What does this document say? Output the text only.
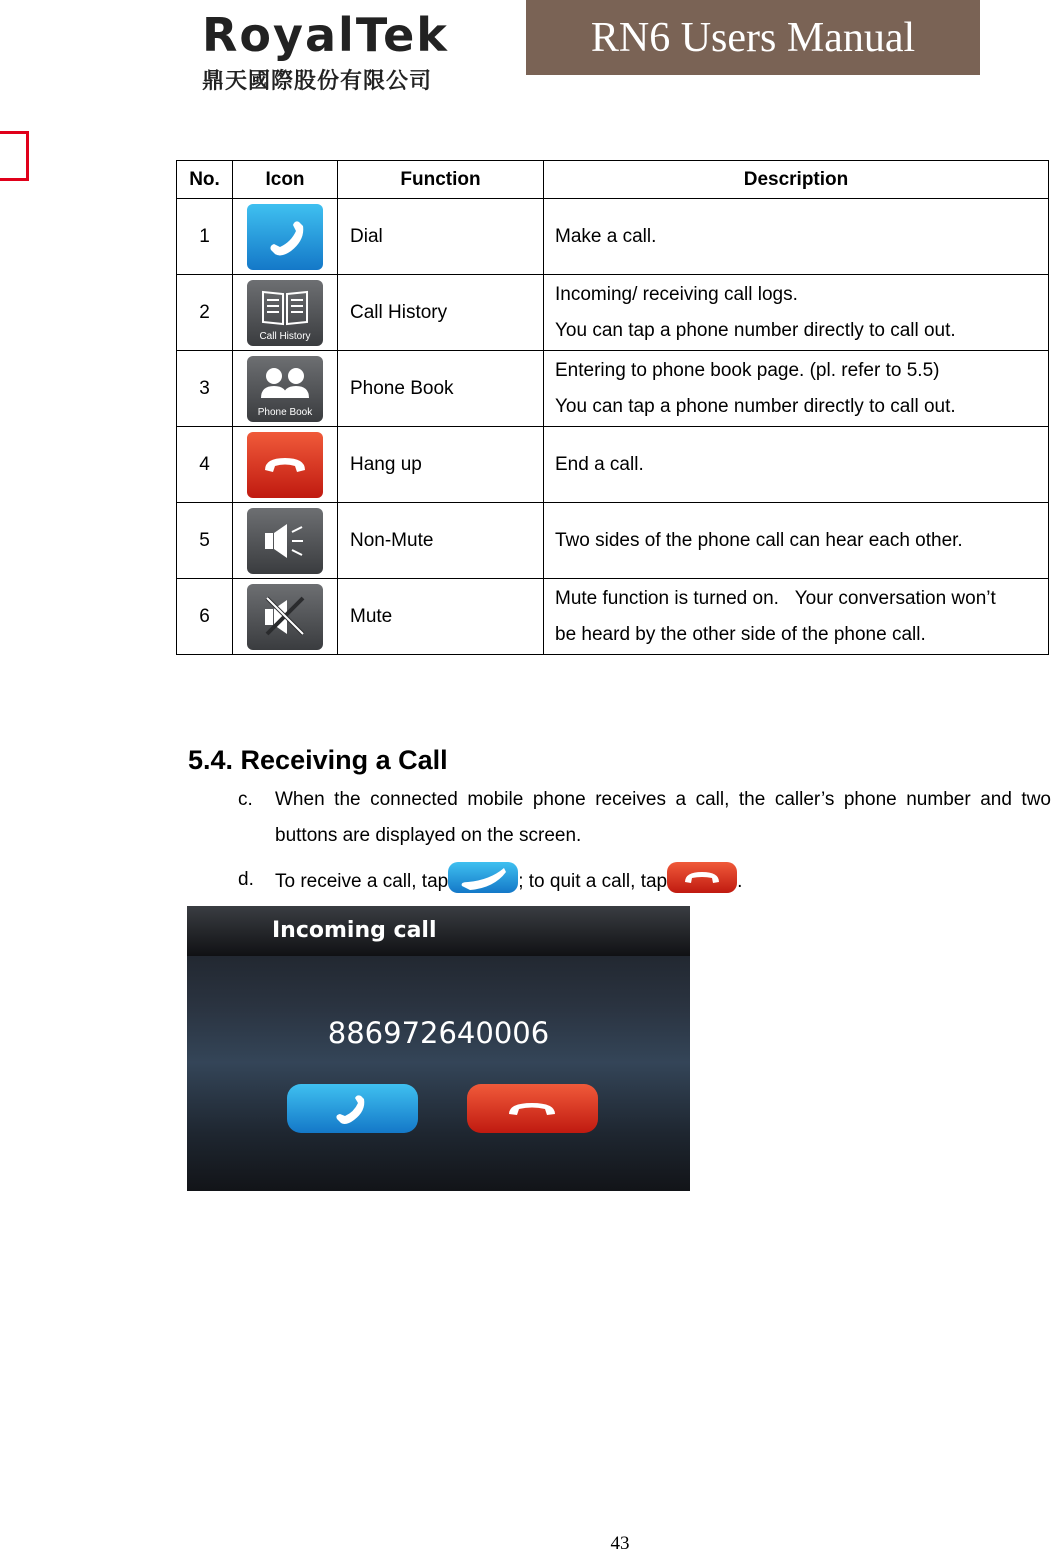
RoyalTek
鼎天國際股份有限公司
RN6 Users Manual
No.	Icon	Function	Description
1		Dial	Make a call.

2	Call History	Call History	Incoming/ receiving call logs.
You can tap a phone number directly to call out.

3	Phone Book	Phone Book	Entering to phone book page. (pl. refer to 5.5)
You can tap a phone number directly to call out.

4		Hang up	End a call.

5		Non-Mute	Two sides of the phone call can hear each other.

6		Mute	Mute function is turned on.   Your conversation won’t
be heard by the other side of the phone call.
5.4. Receiving a Call
c. When the connected mobile phone receives a call, the caller’s phone number and two buttons are displayed on the screen.
d. To receive a call, tap	; to quit a call, tap	.
Incoming call
886972640006
43
